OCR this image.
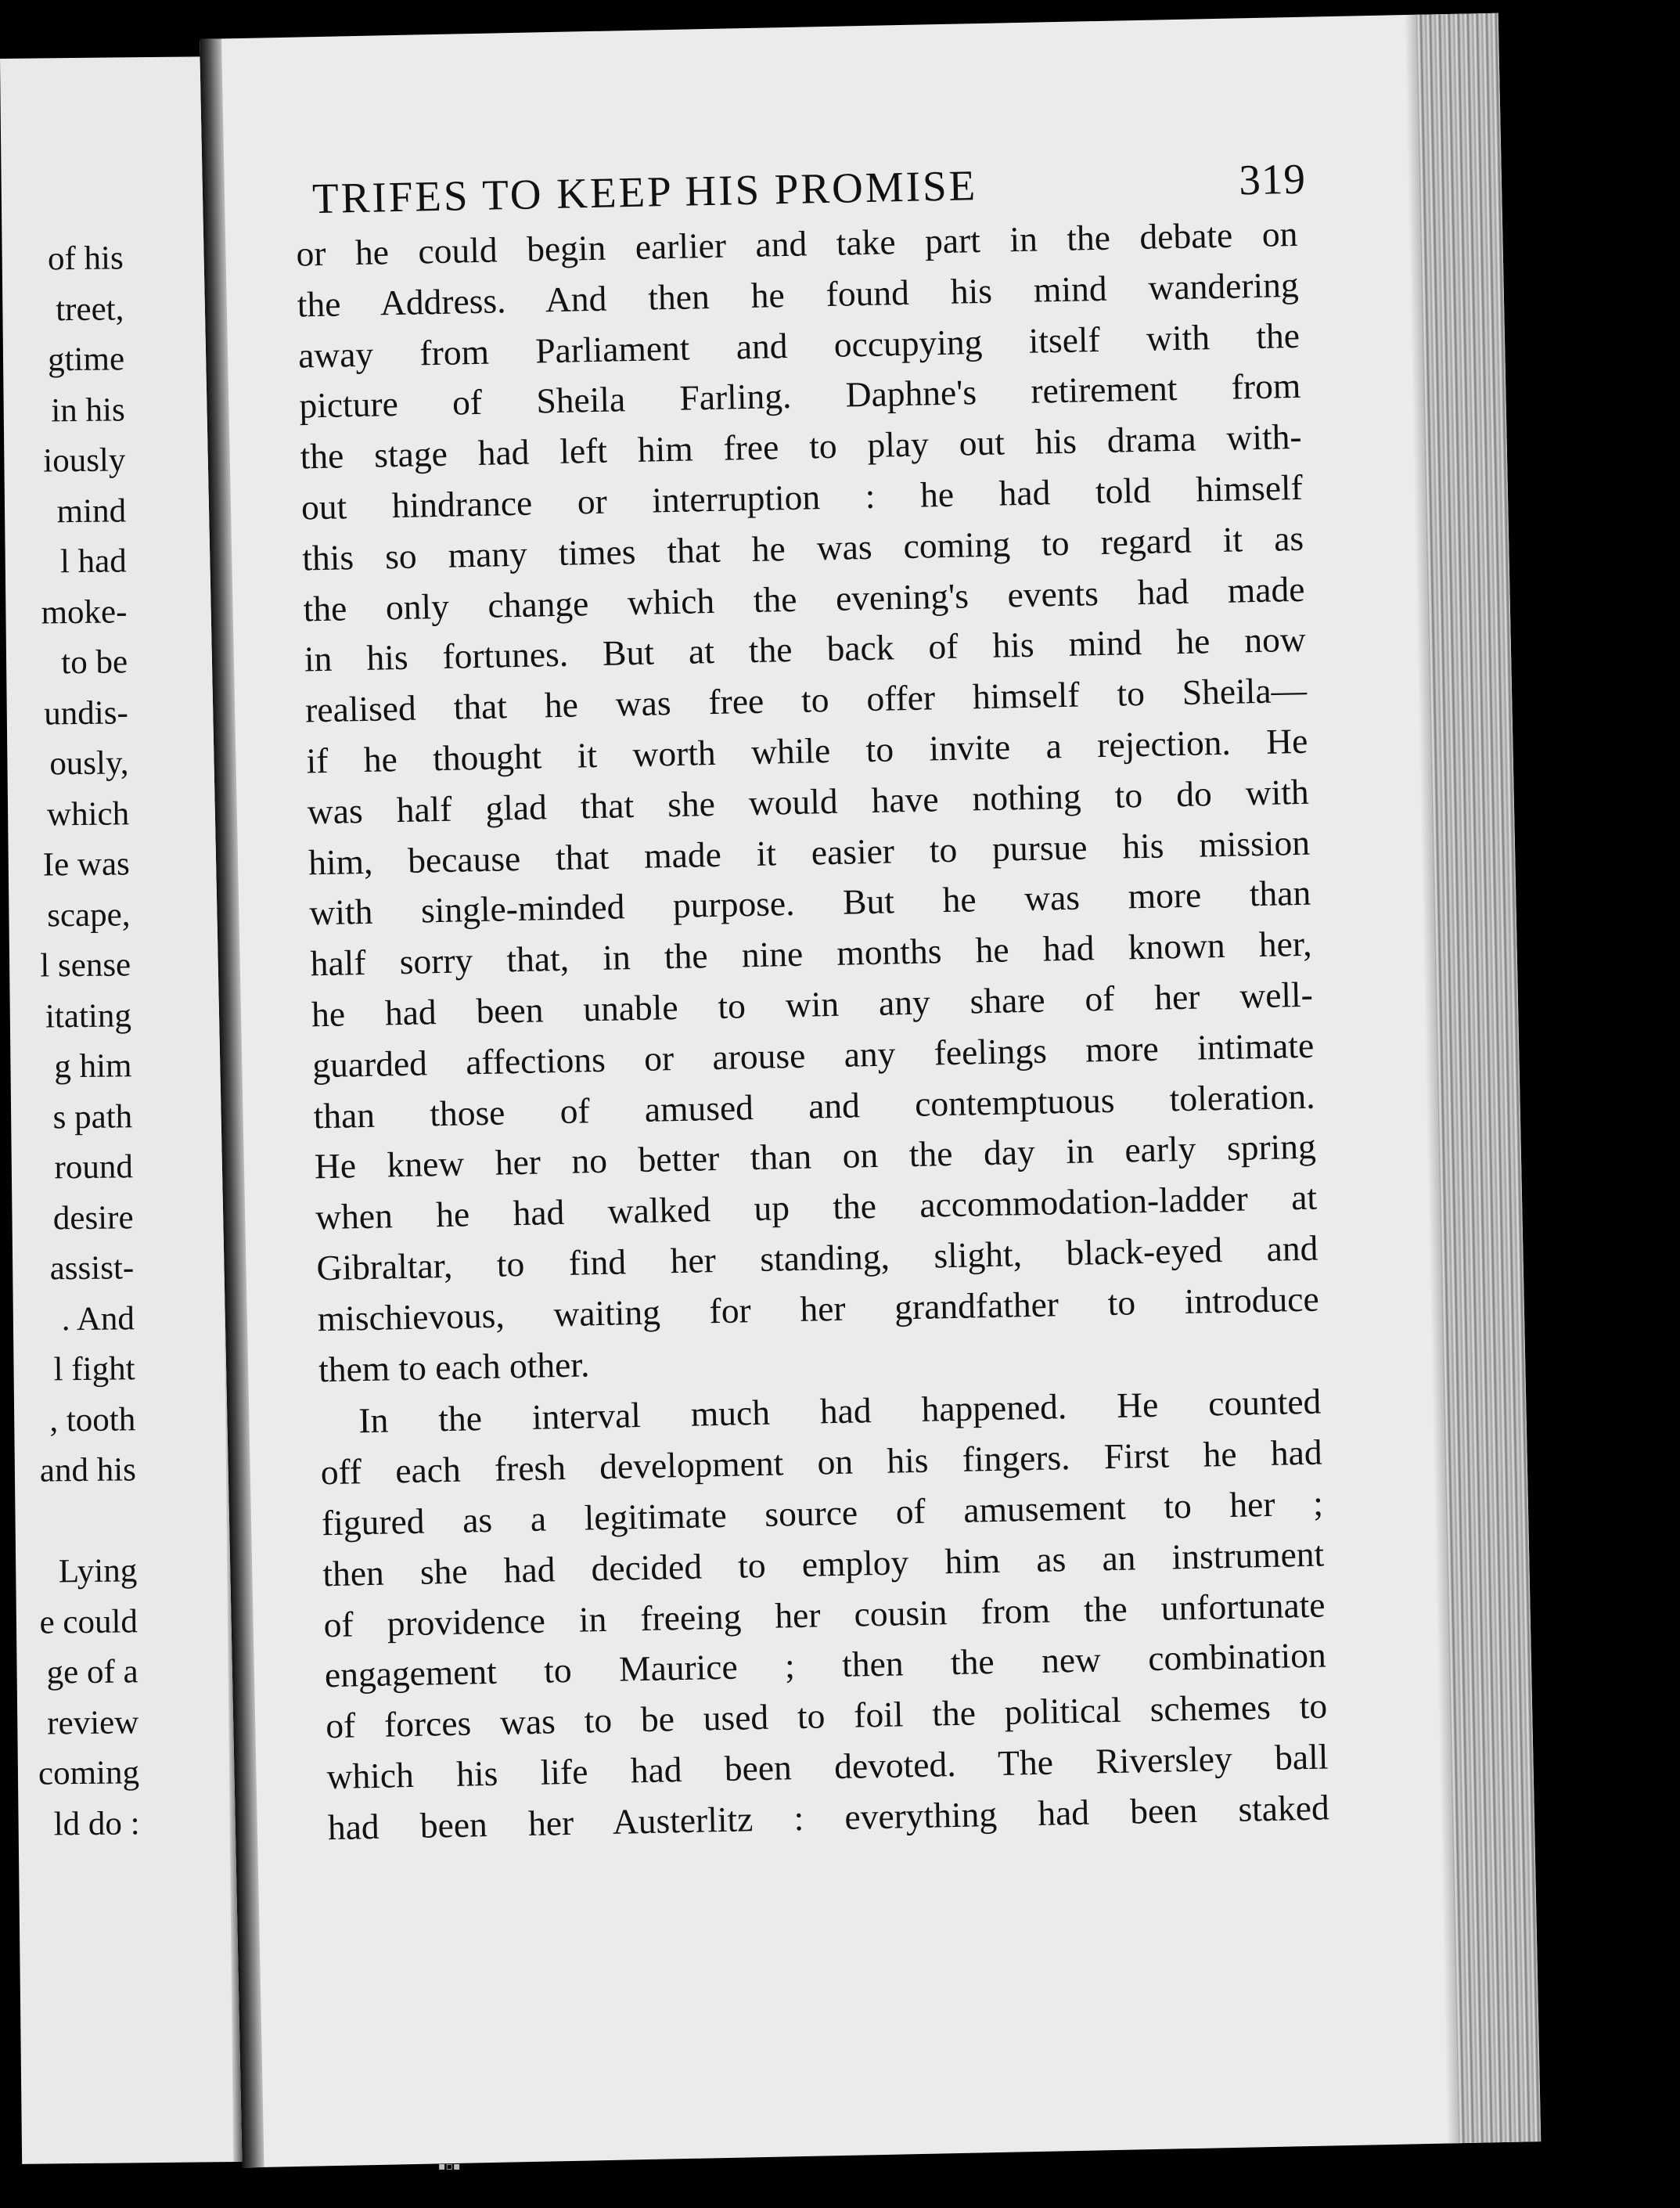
of his
treet,
gtime
in his
iously
mind
l had
moke-
to be
undis-
ously,
which
Ie was
scape,
l sense
itating
g him
s path
round
desire
assist-
. And
l fight
, tooth
and his
Lying
e could
ge of a
review
coming
ld do :
TRIFES TO KEEP HIS PROMISE	319
or he could begin earlier and take part in the debate on
the Address. And then he found his mind wandering
away from Parliament and occupying itself with the
picture of Sheila Farling. Daphne's retirement from
the stage had left him free to play out his drama with-
out hindrance or interruption : he had told himself
this so many times that he was coming to regard it as
the only change which the evening's events had made
in his fortunes. But at the back of his mind he now
realised that he was free to offer himself to Sheila—
if he thought it worth while to invite a rejection. He
was half glad that she would have nothing to do with
him, because that made it easier to pursue his mission
with single-minded purpose. But he was more than
half sorry that, in the nine months he had known her,
he had been unable to win any share of her well-
guarded affections or arouse any feelings more intimate
than those of amused and contemptuous toleration.
He knew her no better than on the day in early spring
when he had walked up the accommodation-ladder at
Gibraltar, to find her standing, slight, black-eyed and
mischievous, waiting for her grandfather to introduce
them to each other.
In the interval much had happened. He counted
off each fresh development on his fingers. First he had
figured as a legitimate source of amusement to her ;
then she had decided to employ him as an instrument
of providence in freeing her cousin from the unfortunate
engagement to Maurice ; then the new combination
of forces was to be used to foil the political schemes to
which his life had been devoted. The Riversley ball
had been her Austerlitz : everything had been staked
▪▫▪
